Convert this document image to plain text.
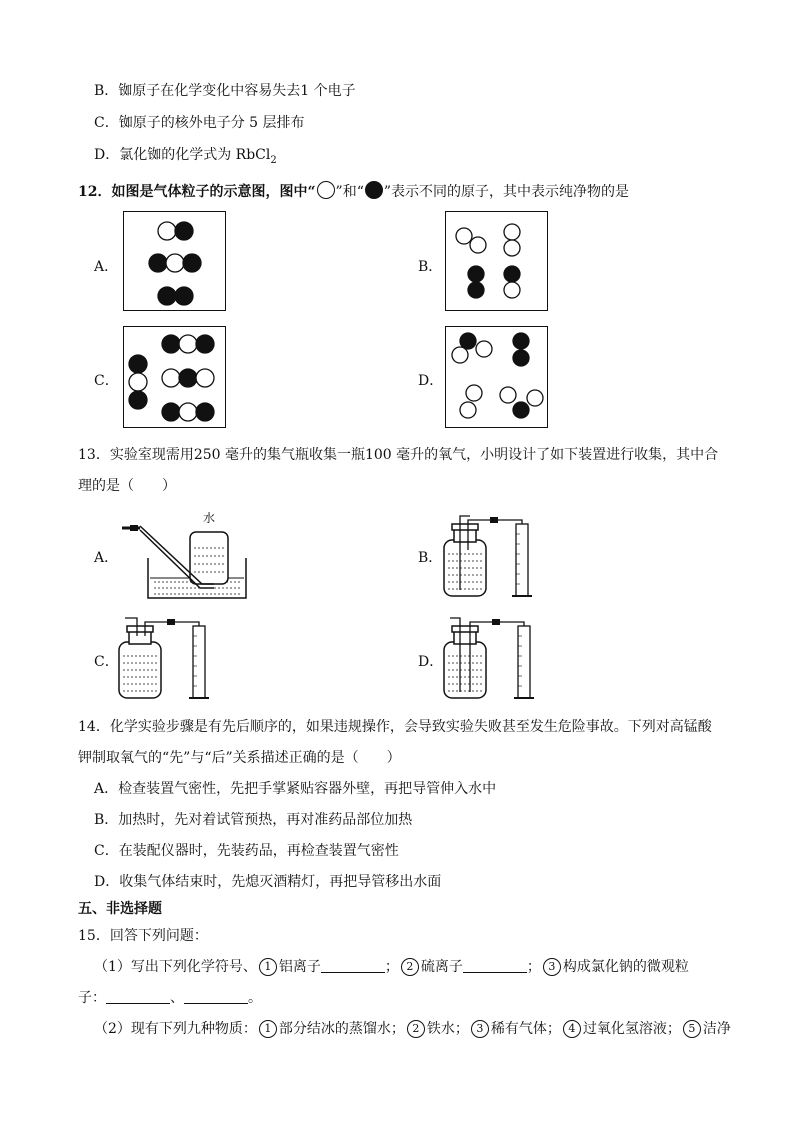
B．铷原子在化学变化中容易失去1 个电子
C．铷原子的核外电子分 5 层排布
D．氯化铷的化学式为 RbCl$_2$
12．如图是气体粒子的示意图，图中“ ”和“ ”表示不同的原子，其中表示纯净物的是
A．	B．
C．	D．
13．实验室现需用250 毫升的集气瓶收集一瓶100 毫升的氧气，小明设计了如下装置进行收集，其中合
理的是（　　）
A．
水
B．
C．	D．
14．化学实验步骤是有先后顺序的，如果违规操作，会导致实验失败甚至发生危险事故。下列对高锰酸
钾制取氧气的“先”与“后”关系描述正确的是（　　）
A．检查装置气密性，先把手掌紧贴容器外壁，再把导管伸入水中
B．加热时，先对着试管预热，再对准药品部位加热
C．在装配仪器时，先装药品，再检查装置气密性
D．收集气体结束时，先熄灭酒精灯，再把导管移出水面
五、非选择题
15．回答下列问题：
（1）写出下列化学符号、 1 铝离子	； 2 硫离子	； 3 构成氯化钠的微观粒
子：	、	。
（2）现有下列九种物质： 1 部分结冰的蒸馏水； 2 铁水； 3 稀有气体； 4 过氧化氢溶液； 5 洁净
